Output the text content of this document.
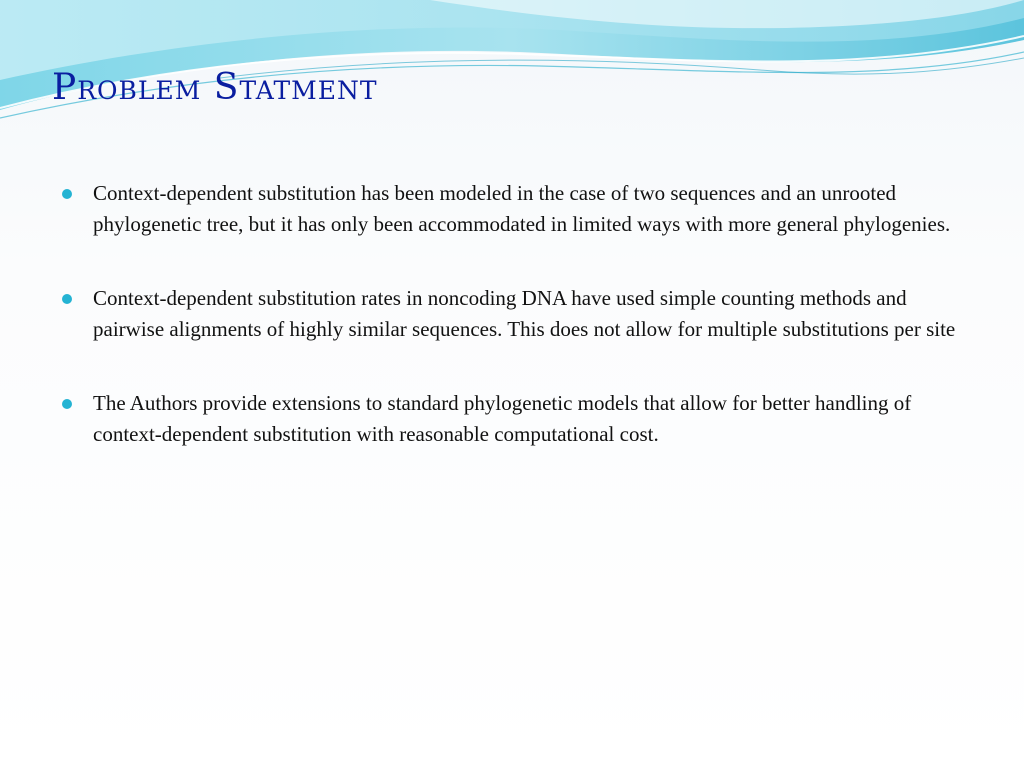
Problem Statment
Context-dependent substitution has been modeled in the case of two sequences and an unrooted phylogenetic tree, but it has only been accommodated in limited ways with more general phylogenies.
Context-dependent substitution rates in noncoding DNA have used simple counting methods and pairwise alignments of highly similar sequences. This does not allow for multiple substitutions per site
The Authors provide extensions to standard phylogenetic models that allow for better handling of context-dependent substitution with reasonable computational cost.
